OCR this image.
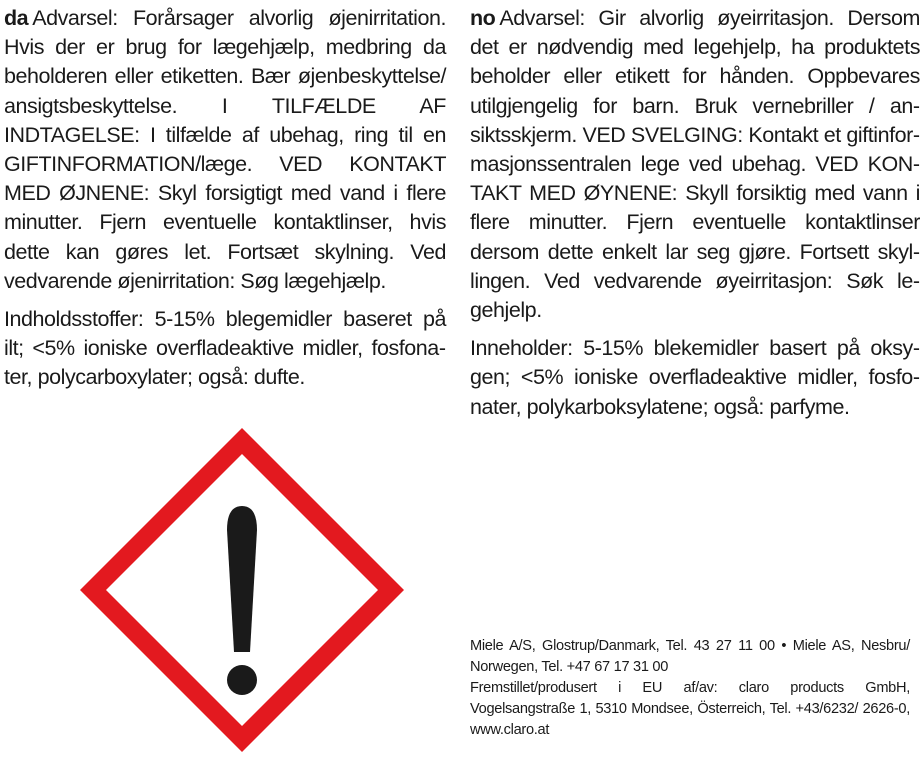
da Advarsel: Forårsager alvorlig øjenirritation. Hvis der er brug for lægehjælp, medbring da beholderen eller etiketten. Bær øjenbeskyttelse/ ansigtsbeskyttelse. I TILFÆLDE AF INDTAGELSE: I tilfælde af ubehag, ring til en GIFTINFORMATION/læge. VED KONTAKT MED ØJNENE: Skyl forsigtigt med vand i flere minutter. Fjern eventuelle kontaktlinser, hvis dette kan gøres let. Fortsæt skylning. Ved vedvarende øjenirritation: Søg lægehjælp.

Indholdsstoffer: 5-15% blegemidler baseret på ilt; <5% ioniske overfladeaktive midler, fosfonater, polycarboxylater; også: dufte.

no Advarsel: Gir alvorlig øyeirritasjon. Dersom det er nødvendig med legehjelp, ha produktets beholder eller etikett for hånden. Oppbevares utilgjengelig for barn. Bruk vernebriller / ansiktsskjerm. VED SVELGING: Kontakt et giftinformasjonssentralen lege ved ubehag. VED KONTAKT MED ØYNENE: Skyll forsiktig med vann i flere minutter. Fjern eventuelle kontaktlinser dersom dette enkelt lar seg gjøre. Fortsett skyllingen. Ved vedvarende øyeirritasjon: Søk legehjelp.

Inneholder: 5-15% blekemidler basert på oksygen; <5% ioniske overfladeaktive midler, fosfonater, polykarboksylatene; også: parfyme.

Miele A/S, Glostrup/Danmark, Tel. 43 27 11 00 • Miele AS, Nesbru/ Norwegen, Tel. +47 67 17 31 00

Fremstillet/produsert i EU af/av: claro products GmbH, Vogelsangstraße 1, 5310 Mondsee, Österreich, Tel. +43/6232/ 2626-0, www.claro.at
